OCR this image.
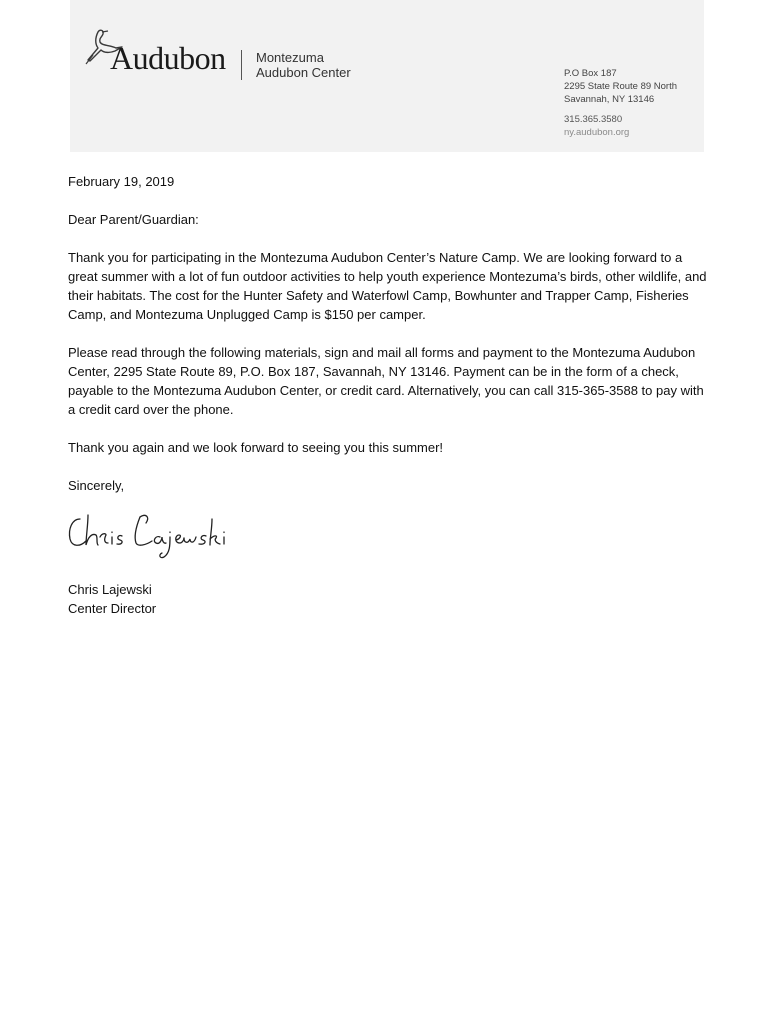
Audubon Montezuma
Audubon Center	P.O Box 187
2295 State Route 89 North
Savannah, NY 13146
315.365.3580
ny.audubon.org

February 19, 2019

Dear Parent/Guardian:

Thank you for participating in the Montezuma Audubon Center’s Nature Camp. We are looking forward to a great summer with a lot of fun outdoor activities to help youth experience Montezuma’s birds, other wildlife, and their habitats. The cost for the Hunter Safety and Waterfowl Camp, Bowhunter and Trapper Camp, Fisheries Camp, and Montezuma Unplugged Camp is $150 per camper.

Please read through the following materials, sign and mail all forms and payment to the Montezuma Audubon Center, 2295 State Route 89, P.O. Box 187, Savannah, NY 13146. Payment can be in the form of a check, payable to the Montezuma Audubon Center, or credit card. Alternatively, you can call 315-365-3588 to pay with a credit card over the phone.

Thank you again and we look forward to seeing you this summer!

Sincerely,

Chris Lajewski
Center Director
